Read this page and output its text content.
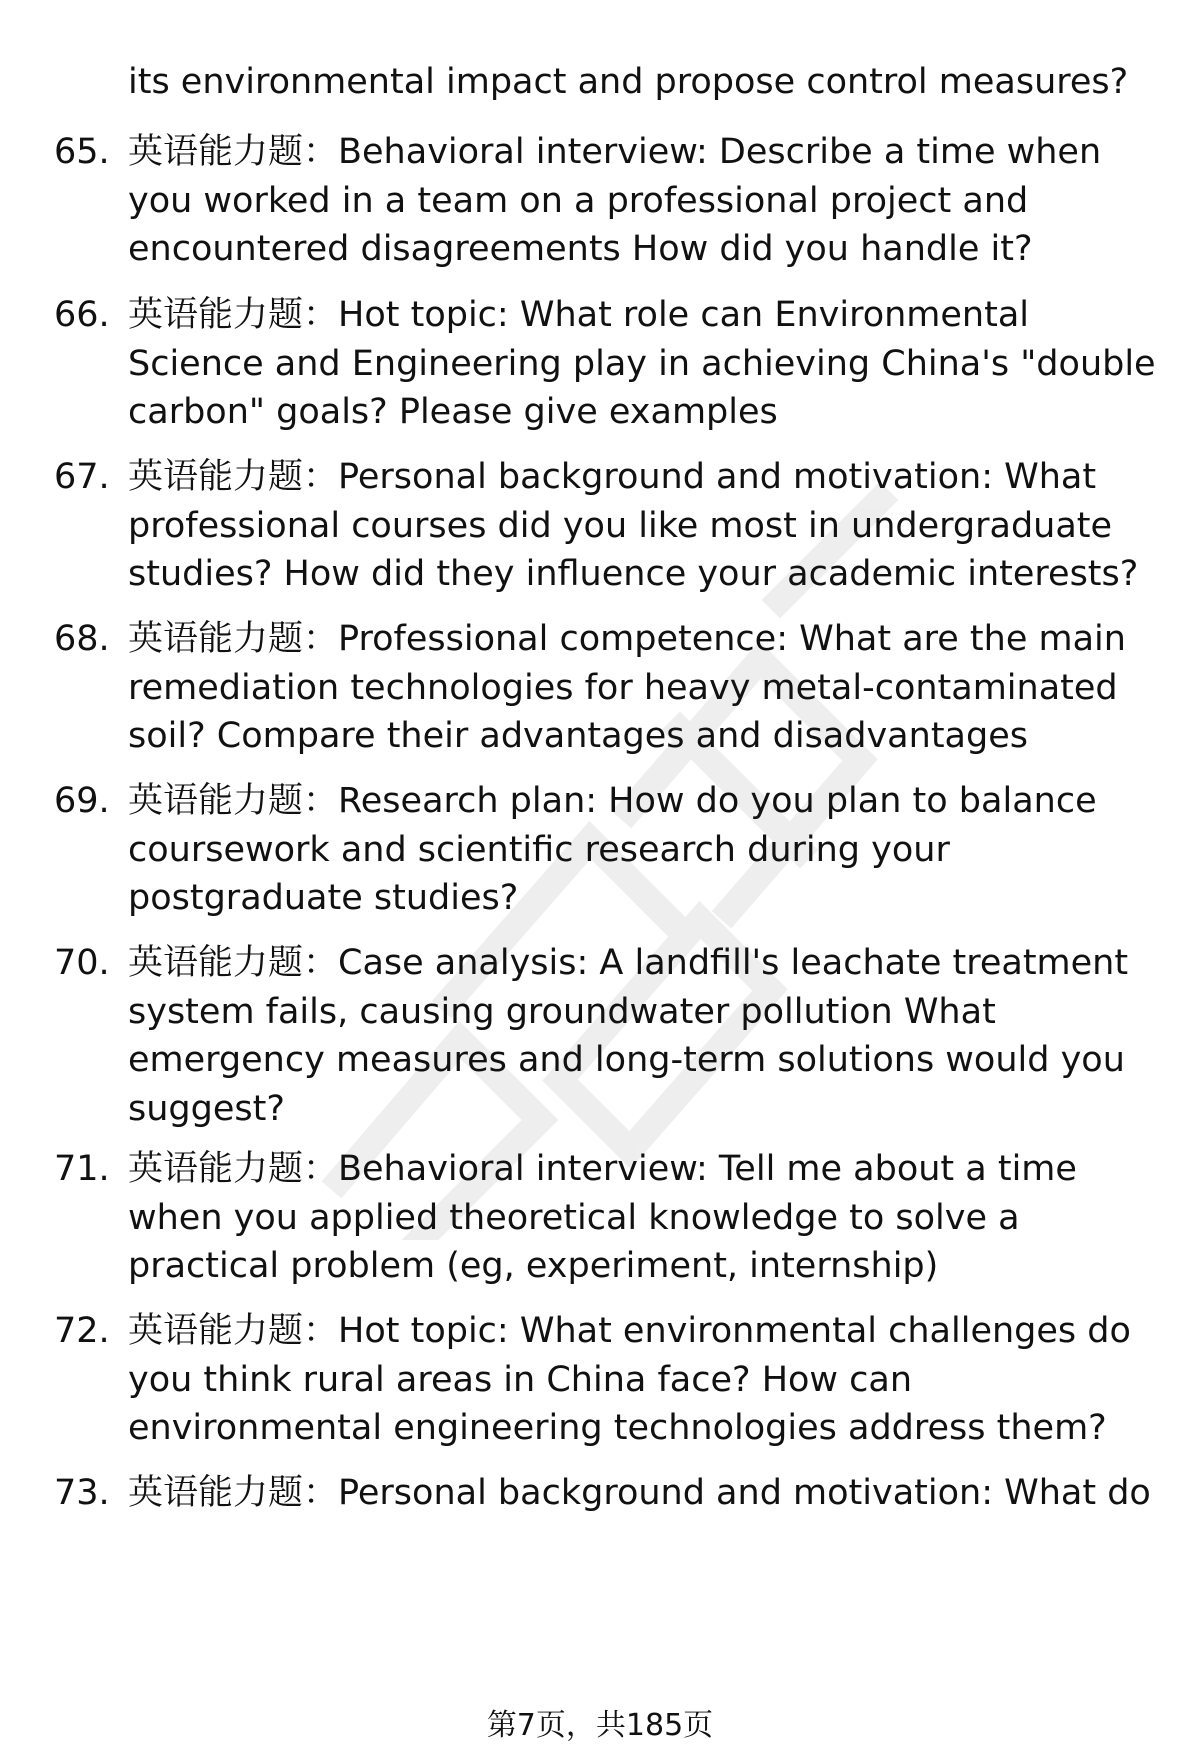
its environmental impact and propose control measures?

65. 英语能力题：Behavioral interview: Describe a time when you worked in a team on a professional project and encountered disagreements How did you handle it?
66. 英语能力题：Hot topic: What role can Environmental Science and Engineering play in achieving China's "double carbon" goals? Please give examples
67. 英语能力题：Personal background and motivation: What professional courses did you like most in undergraduate studies? How did they influence your academic interests?
68. 英语能力题：Professional competence: What are the main remediation technologies for heavy metal-contaminated soil? Compare their advantages and disadvantages
69. 英语能力题：Research plan: How do you plan to balance coursework and scientific research during your postgraduate studies?
70. 英语能力题：Case analysis: A landfill's leachate treatment system fails, causing groundwater pollution What emergency measures and long-term solutions would you suggest?
71. 英语能力题：Behavioral interview: Tell me about a time when you applied theoretical knowledge to solve a practical problem (eg, experiment, internship)
72. 英语能力题：Hot topic: What environmental challenges do you think rural areas in China face? How can environmental engineering technologies address them?
73. 英语能力题：Personal background and motivation: What do
第7页，共185页
